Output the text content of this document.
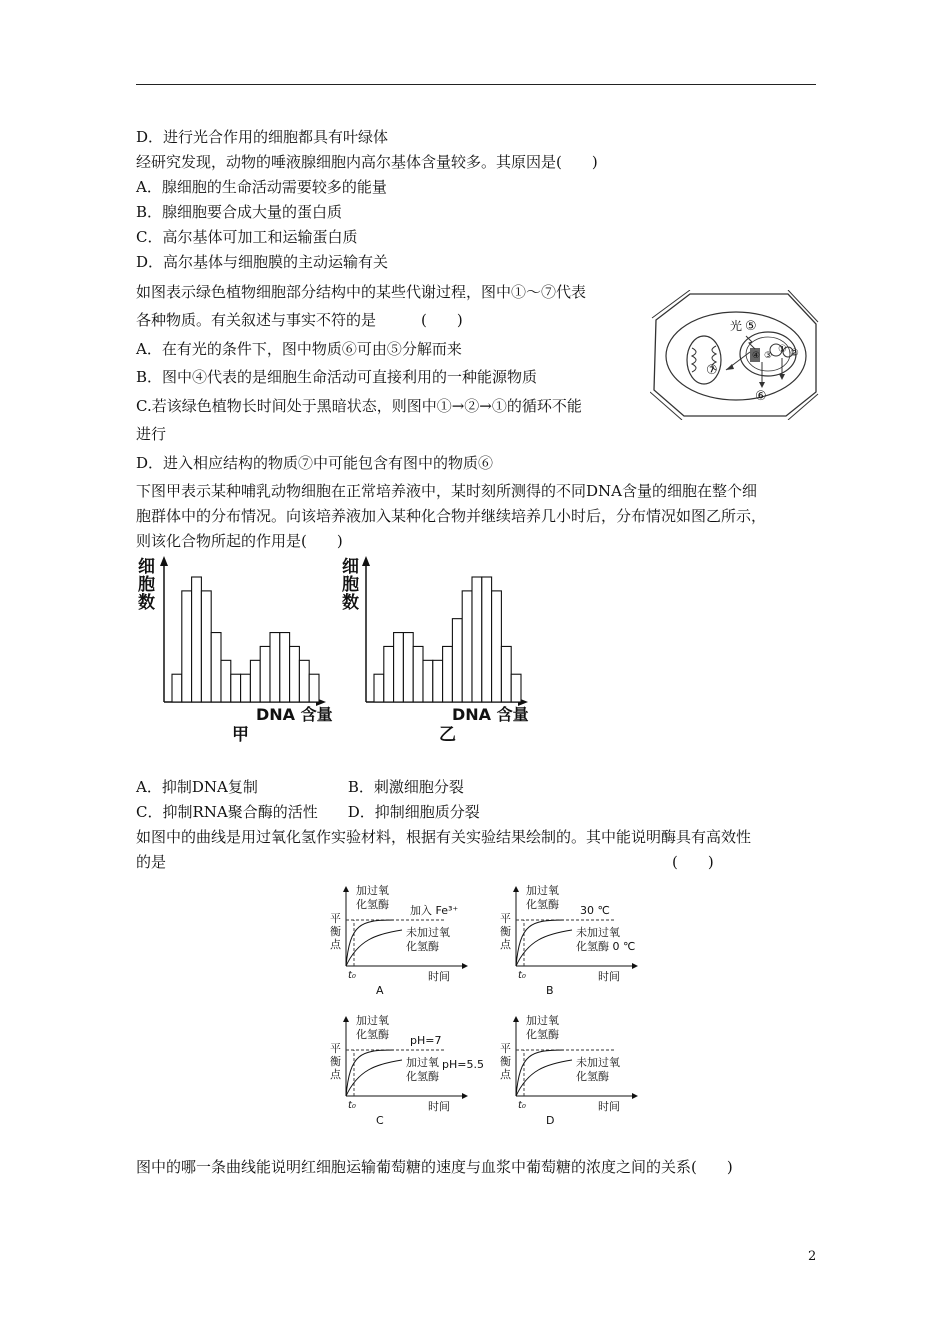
D．进行光合作用的细胞都具有叶绿体
经研究发现，动物的唾液腺细胞内高尔基体含量较多。其原因是(　　)
A．腺细胞的生命活动需要较多的能量
B．腺细胞要合成大量的蛋白质
C．高尔基体可加工和运输蛋白质
D．高尔基体与细胞膜的主动运输有关
如图表示绿色植物细胞部分结构中的某些代谢过程，图中①～⑦代表
各种物质。有关叙述与事实不符的是　　　(　　)
A．在有光的条件下，图中物质⑥可由⑤分解而来
B．图中④代表的是细胞生命活动可直接利用的一种能源物质
C.若该绿色植物长时间处于黑暗状态，则图中①→②→①的循环不能
进行
D．进入相应结构的物质⑦中可能包含有图中的物质⑥
光 ⑤
① ②
④ ③
⑦
⑥
下图甲表示某种哺乳动物细胞在正常培养液中，某时刻所测得的不同DNA含量的细胞在整个细
胞群体中的分布情况。向该培养液加入某种化合物并继续培养几小时后，分布情况如图乙所示，
则该化合物所起的作用是(　　)
细
胞
数
DNA 含量
甲
细
胞
数
DNA 含量
乙
A．抑制DNA复制　　　　　　B．刺激细胞分裂
C．抑制RNA聚合酶的活性　　D．抑制细胞质分裂
如图中的曲线是用过氧化氢作实验材料，根据有关实验结果绘制的。其中能说明酶具有高效性
的是	(　　)
平
衡
点
时间
t₀
加过氧
化氢酶 加入 Fe³⁺
未加过氧
化氢酶
A
平
衡
点
时间
t₀
加过氧
化氢酶 30 ℃
未加过氧
化氢酶 0 ℃
B
平
衡
点
时间
t₀
加过氧
化氢酶 pH=7
加过氧
化氢酶
pH=5.5
C
平
衡
点
时间
t₀
加过氧
化氢酶
未加过氧
化氢酶
D
图中的哪一条曲线能说明红细胞运输葡萄糖的速度与血浆中葡萄糖的浓度之间的关系(　　)
2
